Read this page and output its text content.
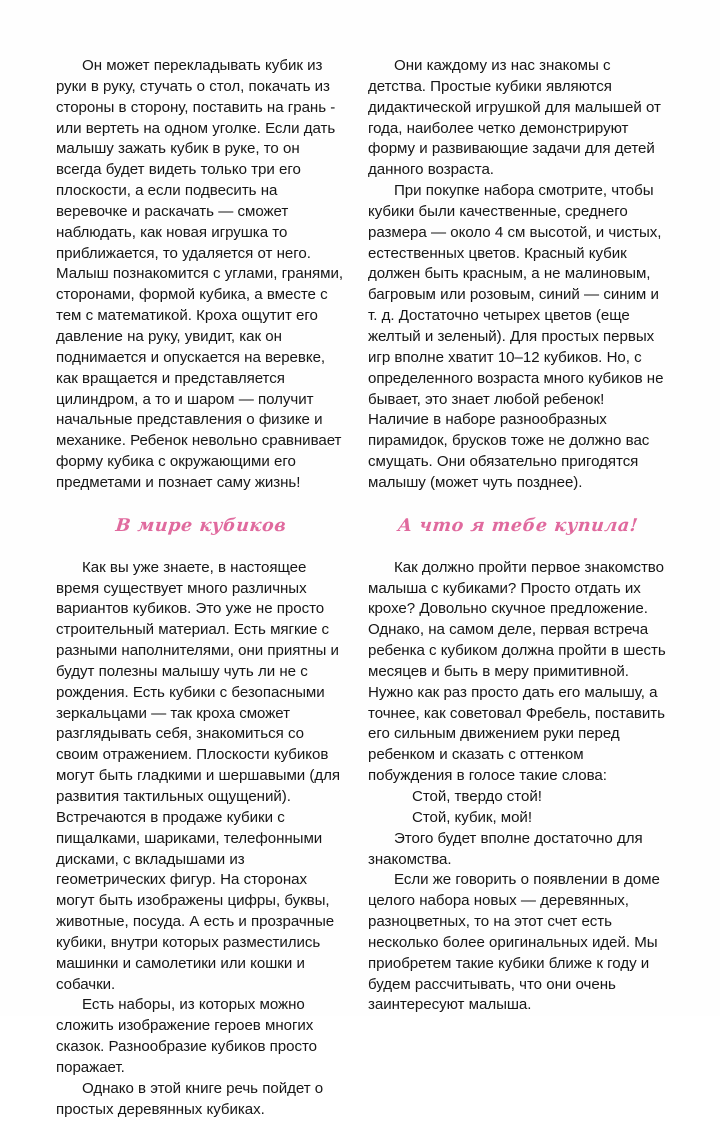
Он может перекладывать кубик из руки в руку, стучать о стол, покачать из стороны в сторону, поставить на грань - или вертеть на одном уголке. Если дать малышу зажать кубик в руке, то он всегда будет видеть только три его плоскости, а если подвесить на веревочке и раскачать — сможет наблюдать, как новая игрушка то приближается, то удаляется от него. Малыш познакомится с углами, гранями, сторонами, формой кубика, а вместе с тем с математикой. Кроха ощутит его давление на руку, увидит, как он поднимается и опускается на веревке, как вращается и представляется цилиндром, а то и шаром — получит начальные представления о физике и механике. Ребенок невольно сравнивает форму кубика с окружающими его предметами и познает саму жизнь!

В мире кубиков

Как вы уже знаете, в настоящее время существует много различных вариантов кубиков. Это уже не просто строительный материал. Есть мягкие с разными наполнителями, они приятны и будут полезны малышу чуть ли не с рождения. Есть кубики с безопасными зеркальцами — так кроха сможет разглядывать себя, знакомиться со своим отражением. Плоскости кубиков могут быть гладкими и шершавыми (для развития тактильных ощущений). Встречаются в продаже кубики с пищалками, шариками, телефонными дисками, с вкладышами из геометрических фигур. На сторонах могут быть изображены цифры, буквы, животные, посуда. А есть и прозрачные кубики, внутри которых разместились машинки и самолетики или кошки и собачки.

Есть наборы, из которых можно сложить изображение героев многих сказок. Разнообразие кубиков просто поражает.

Однако в этой книге речь пойдет о простых деревянных кубиках.

Они каждому из нас знакомы с детства. Простые кубики являются дидактической игрушкой для малышей от года, наиболее четко демонстрируют форму и развивающие задачи для детей данного возраста.

При покупке набора смотрите, чтобы кубики были качественные, среднего размера — около 4 см высотой, и чистых, естественных цветов. Красный кубик должен быть красным, а не малиновым, багровым или розовым, синий — синим и т. д. Достаточно четырех цветов (еще желтый и зеленый). Для простых первых игр вполне хватит 10–12 кубиков. Но, с определенного возраста много кубиков не бывает, это знает любой ребенок! Наличие в наборе разнообразных пирамидок, брусков тоже не должно вас смущать. Они обязательно пригодятся малышу (может чуть позднее).

А что я тебе купила!

Как должно пройти первое знакомство малыша с кубиками? Просто отдать их крохе? Довольно скучное предложение. Однако, на самом деле, первая встреча ребенка с кубиком должна пройти в шесть месяцев и быть в меру примитивной. Нужно как раз просто дать его малышу, а точнее, как советовал Фребель, поставить его сильным движением руки перед ребенком и сказать с оттенком побуждения в голосе такие слова:

Стой, твердо стой!

Стой, кубик, мой!

Этого будет вполне достаточно для знакомства.

Если же говорить о появлении в доме целого набора новых — деревянных, разноцветных, то на этот счет есть несколько более оригинальных идей. Мы приобретем такие кубики ближе к году и будем рассчитывать, что они очень заинтересуют малыша.
